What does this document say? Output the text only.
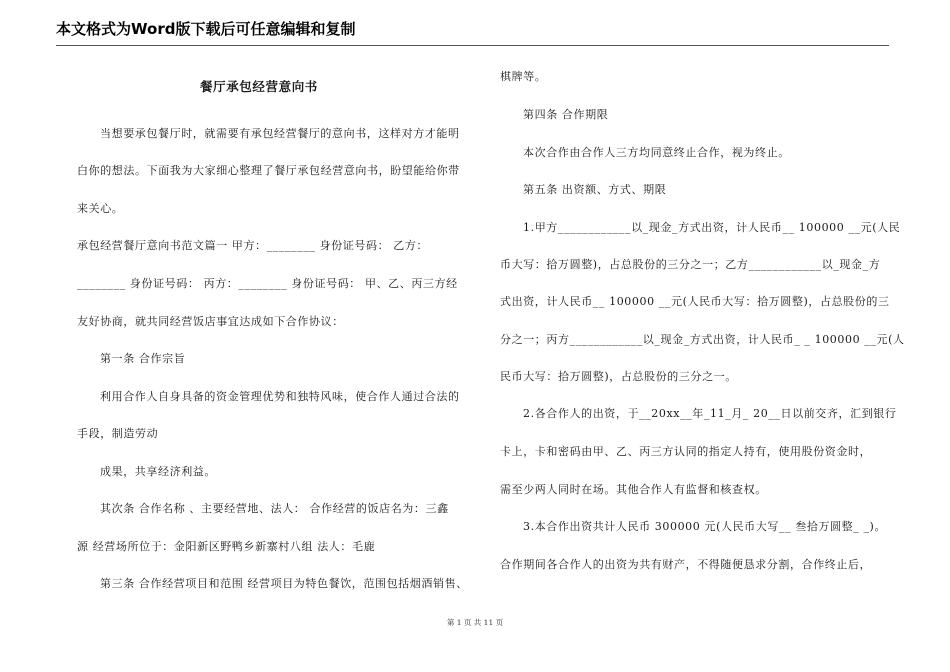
本文格式为Word版下载后可任意编辑和复制
餐厅承包经营意向书
当想要承包餐厅时，就需要有承包经营餐厅的意向书，这样对方才能明
白你的想法。下面我为大家细心整理了餐厅承包经营意向书，盼望能给你带
来关心。
承包经营餐厅意向书范文篇一 甲方：________ 身份证号码： 乙方：
________ 身份证号码： 丙方：________ 身份证号码： 甲、乙、丙三方经
友好协商，就共同经营饭店事宜达成如下合作协议：
第一条 合作宗旨
利用合作人自身具备的资金管理优势和独特风味，使合作人通过合法的
手段，制造劳动
成果，共享经济利益。
其次条 合作名称 、主要经营地、法人： 合作经营的饭店名为：三鑫
源 经营场所位于：金阳新区野鸭乡新寨村八组 法人：毛鹿
第三条 合作经营项目和范围 经营项目为特色餐饮，范围包括烟酒销售、
棋牌等。
第四条 合作期限
本次合作由合作人三方均同意终止合作，视为终止。
第五条 出资额、方式、期限
1.甲方____________以_现金_方式出资，计人民币__ 100000 __元(人民
币大写：拾万圆整)，占总股份的三分之一；乙方____________以_现金_方
式出资，计人民币__ 100000 __元(人民币大写：拾万圆整)，占总股份的三
分之一；丙方____________以_现金_方式出资，计人民币_ _ 100000 __元(人
民币大写：拾万圆整)，占总股份的三分之一。
2.各合作人的出资，于__20xx__年_11_月_ 20__日以前交齐，汇到银行
卡上，卡和密码由甲、乙、丙三方认同的指定人持有，使用股份资金时，
需至少两人同时在场。其他合作人有监督和核查权。
3.本合作出资共计人民币 300000 元(人民币大写__ 叁拾万圆整_ _)。
合作期间各合作人的出资为共有财产，不得随便恳求分割，合作终止后，
第 1 页 共 11 页
